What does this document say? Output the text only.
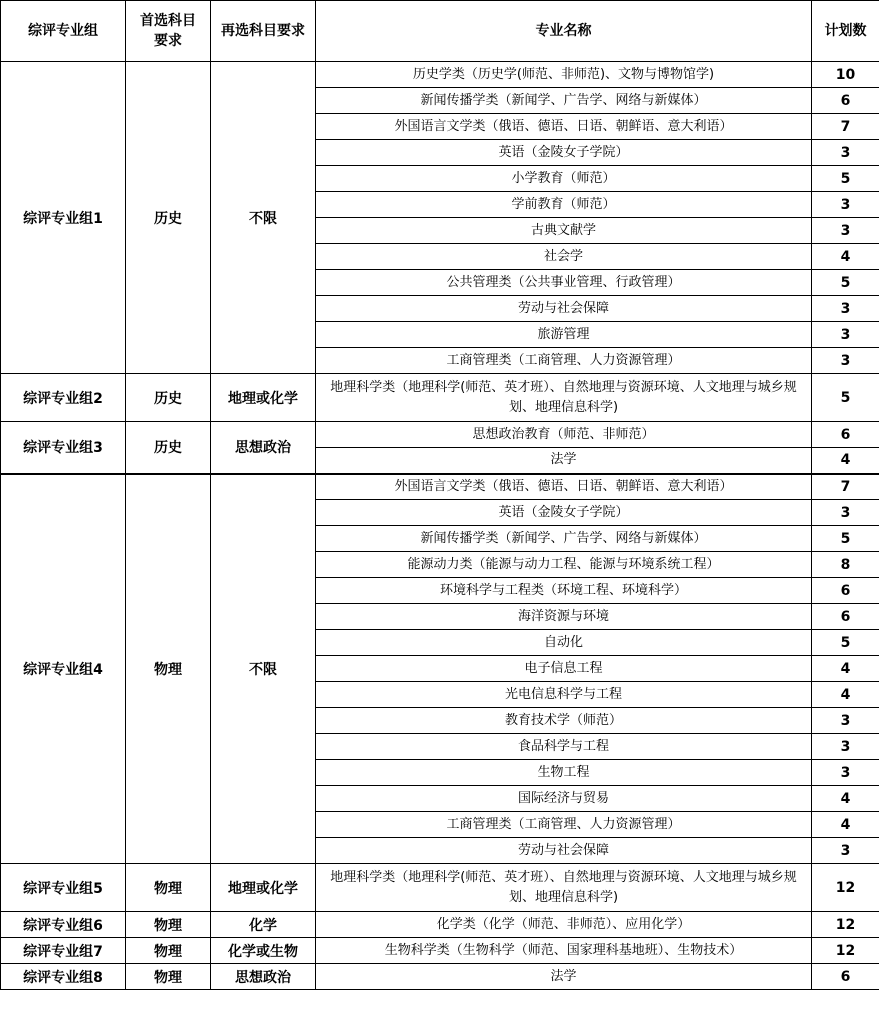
综评专业组	首选科目要求	再选科目要求	专业名称	计划数
综评专业组1	历史	不限	历史学类（历史学(师范、非师范)、文物与博物馆学)	10
			新闻传播学类（新闻学、广告学、网络与新媒体）	6
			外国语言文学类（俄语、德语、日语、朝鲜语、意大利语）	7
			英语（金陵女子学院）	3
			小学教育（师范）	5
			学前教育（师范）	3
			古典文献学	3
			社会学	4
			公共管理类（公共事业管理、行政管理）	5
			劳动与社会保障	3
			旅游管理	3
			工商管理类（工商管理、人力资源管理）	3
综评专业组2	历史	地理或化学	地理科学类（地理科学(师范、英才班）、自然地理与资源环境、人文地理与城乡规划、地理信息科学)	5
综评专业组3	历史	思想政治	思想政治教育（师范、非师范）	6
			法学	4
综评专业组4	物理	不限	外国语言文学类（俄语、德语、日语、朝鲜语、意大利语）	7
			英语（金陵女子学院）	3
			新闻传播学类（新闻学、广告学、网络与新媒体）	5
			能源动力类（能源与动力工程、能源与环境系统工程）	8
			环境科学与工程类（环境工程、环境科学）	6
			海洋资源与环境	6
			自动化	5
			电子信息工程	4
			光电信息科学与工程	4
			教育技术学（师范）	3
			食品科学与工程	3
			生物工程	3
			国际经济与贸易	4
			工商管理类（工商管理、人力资源管理）	4
			劳动与社会保障	3
综评专业组5	物理	地理或化学	地理科学类（地理科学(师范、英才班）、自然地理与资源环境、人文地理与城乡规划、地理信息科学)	12
综评专业组6	物理	化学	化学类（化学（师范、非师范）、应用化学）	12
综评专业组7	物理	化学或生物	生物科学类（生物科学（师范、国家理科基地班）、生物技术）	12
综评专业组8	物理	思想政治	法学	6
